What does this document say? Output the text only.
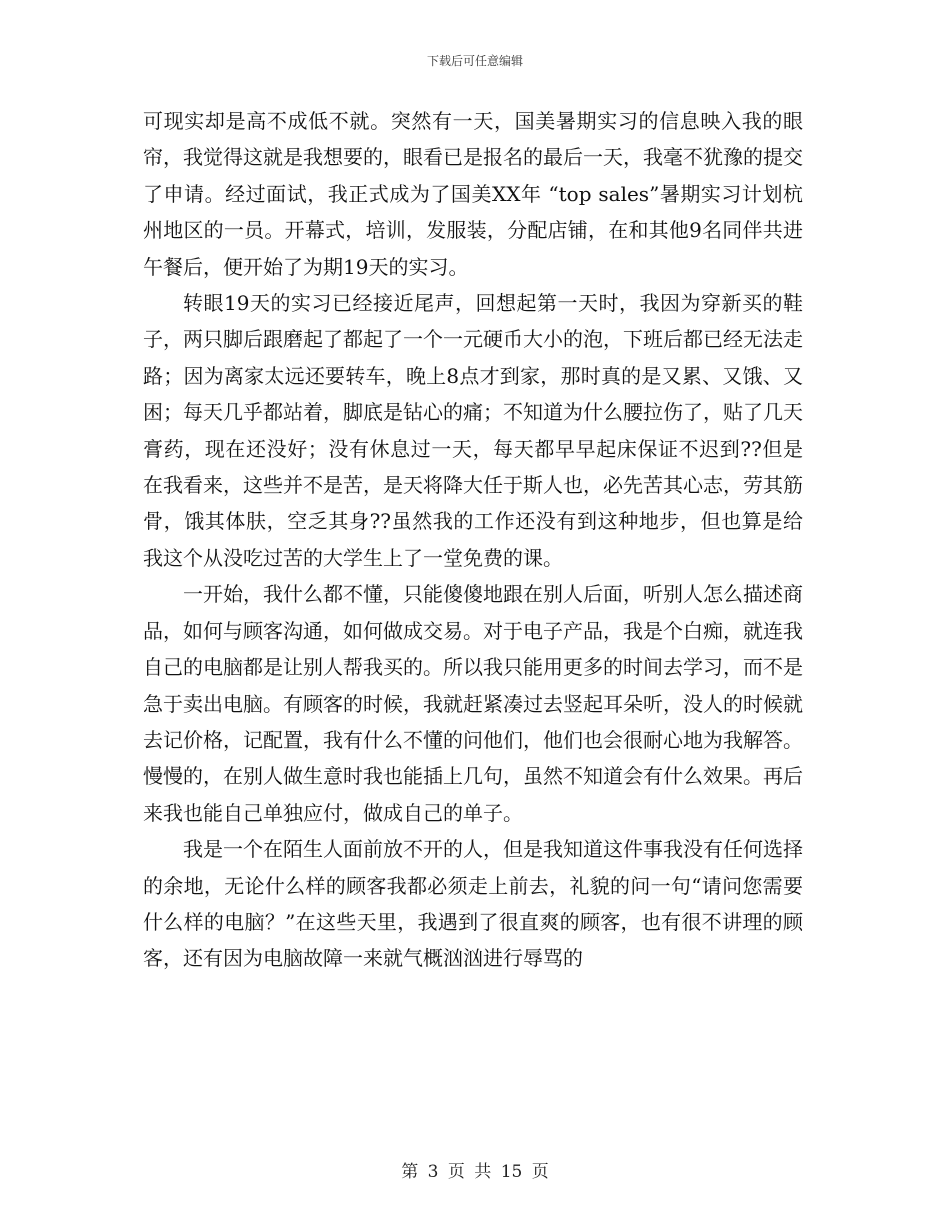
下载后可任意编辑

可现实却是高不成低不就。突然有一天，国美暑期实习的信息映入我的眼帘，我觉得这就是我想要的，眼看已是报名的最后一天，我毫不犹豫的提交了申请。经过面试，我正式成为了国美XX年 “top sales”暑期实习计划杭州地区的一员。开幕式，培训，发服装，分配店铺，在和其他9名同伴共进午餐后，便开始了为期19天的实习。

转眼19天的实习已经接近尾声，回想起第一天时，我因为穿新买的鞋子，两只脚后跟磨起了都起了一个一元硬币大小的泡，下班后都已经无法走路；因为离家太远还要转车，晚上8点才到家，那时真的是又累、又饿、又困；每天几乎都站着，脚底是钻心的痛；不知道为什么腰拉伤了，贴了几天膏药，现在还没好；没有休息过一天，每天都早早起床保证不迟到??但是在我看来，这些并不是苦，是天将降大任于斯人也，必先苦其心志，劳其筋骨，饿其体肤，空乏其身??虽然我的工作还没有到这种地步，但也算是给我这个从没吃过苦的大学生上了一堂免费的课。

一开始，我什么都不懂，只能傻傻地跟在别人后面，听别人怎么描述商品，如何与顾客沟通，如何做成交易。对于电子产品，我是个白痴，就连我自己的电脑都是让别人帮我买的。所以我只能用更多的时间去学习，而不是急于卖出电脑。有顾客的时候，我就赶紧凑过去竖起耳朵听，没人的时候就去记价格，记配置，我有什么不懂的问他们，他们也会很耐心地为我解答。慢慢的，在别人做生意时我也能插上几句，虽然不知道会有什么效果。再后来我也能自己单独应付，做成自己的单子。

我是一个在陌生人面前放不开的人，但是我知道这件事我没有任何选择的余地，无论什么样的顾客我都必须走上前去，礼貌的问一句“请问您需要什么样的电脑？”在这些天里，我遇到了很直爽的顾客，也有很不讲理的顾客，还有因为电脑故障一来就气概汹汹进行辱骂的

第 3 页 共 15 页
